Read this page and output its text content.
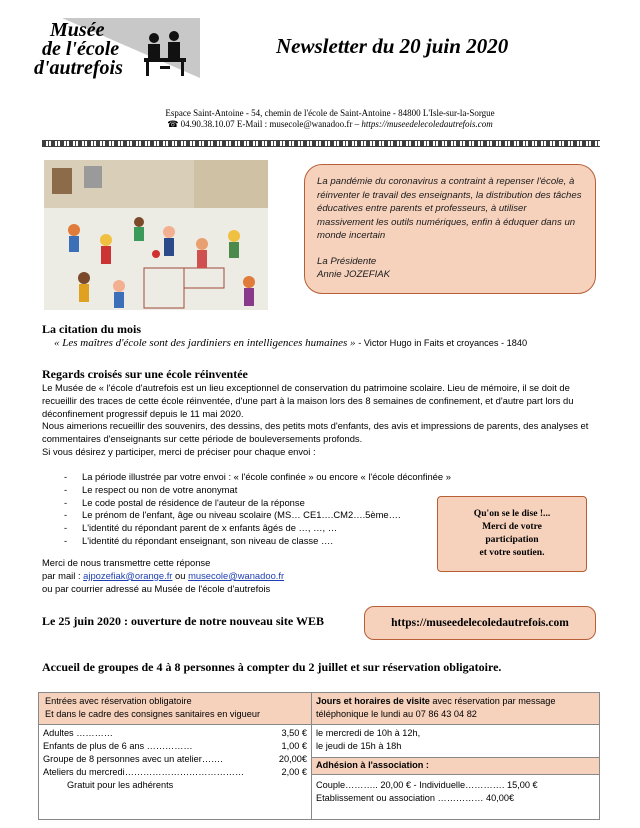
Musée
de l'école
d'autrefois
Newsletter du 20 juin 2020
Espace Saint-Antoine - 54, chemin de l'école de Saint-Antoine - 84800 L'Isle-sur-la-Sorgue
☎ 04.90.38.10.07 E-Mail : musecole@wanadoo.fr – https://museedelecoledautrefois.com
La pandémie du coronavirus a contraint à repenser l'école, à réinventer le travail des enseignants, la distribution des tâches éducatives entre parents et professeurs, à utiliser massivement les outils numériques, enfin à éduquer dans un monde incertain
La Présidente
Annie JOZEFIAK
La citation du mois
« Les maîtres d'école sont des jardiniers en intelligences humaines » - Victor Hugo in Faits et croyances - 1840
Regards croisés sur une école réinventée

Le Musée de « l'école d'autrefois est un lieu exceptionnel de conservation du patrimoine scolaire. Lieu de mémoire, il se doit de recueillir des traces de cette école réinventée, d'une part à la maison lors des 8 semaines de confinement, et d'autre part lors du déconfinement progressif depuis le 11 mai 2020.

Nous aimerions recueillir des souvenirs, des dessins, des petits mots d'enfants, des avis et impressions de parents, des analyses et commentaires d'enseignants sur cette période de bouleversements profonds.

Si vous désirez y participer, merci de préciser pour chaque envoi :

- La période illustrée par votre envoi : « l'école confinée » ou encore « l'école déconfinée »
- Le respect ou non de votre anonymat
- Le code postal de résidence de l'auteur de la réponse
- Le prénom de l'enfant, âge ou niveau scolaire (MS… CE1….CM2….5ème….
- L'identité du répondant parent de x enfants âgés de …, …, …
- L'identité du répondant enseignant, son niveau de classe ….

Merci de nous transmettre cette réponse

par mail : ajpozefiak@orange.fr ou musecole@wanadoo.fr

ou par courrier adressé au Musée de l'école d'autrefois

Qu'on se le dise !...
Merci de votre
participation
et votre soutien.
Le 25 juin 2020 : ouverture de notre nouveau site WEB	https://museedelecoledautrefois.com
Accueil de groupes de 4 à 8 personnes à compter du 2 juillet et sur réservation obligatoire.
Entrées avec réservation obligatoire
Et dans le cadre des consignes sanitaires en vigueur
Adultes …………	3,50 €
Enfants de plus de 6 ans ……………	1,00 €
Groupe de 8 personnes avec un atelier…….	20,00€
Ateliers du mercredi…………………………………	2,00 €
Gratuit pour les adhérents
Jours et horaires de visite avec réservation par message téléphonique le lundi au 07 86 43 04 82
le mercredi de 10h à 12h,
le jeudi de 15h à 18h
Adhésion à l'association :
Couple……….. 20,00 € - Individuelle…………. 15,00 €
Etablissement ou association …………… 40,00€
